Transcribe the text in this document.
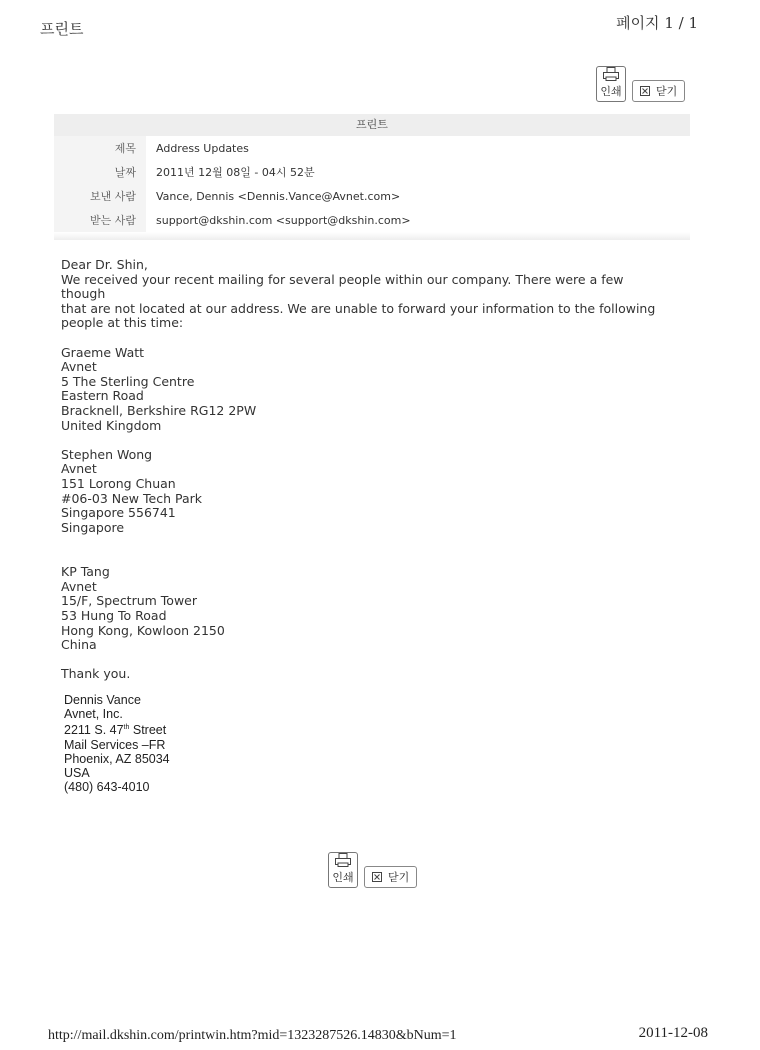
프린트	페이지 1 / 1
인쇄	닫기
프린트
제목	Address Updates
날짜	2011년 12월 08일 - 04시 52분
보낸 사람	Vance, Dennis <Dennis.Vance@Avnet.com>
받는 사람	support@dkshin.com <support@dkshin.com>

Dear Dr. Shin,

We received your recent mailing for several people within our company. There were a few though

that are not located at our address. We are unable to forward your information to the following

people at this time:

Graeme Watt

Avnet

5 The Sterling Centre

Eastern Road

Bracknell, Berkshire RG12 2PW

United Kingdom

Stephen Wong

Avnet

151 Lorong Chuan

#06-03 New Tech Park

Singapore 556741

Singapore

KP Tang

Avnet

15/F, Spectrum Tower

53 Hung To Road

Hong Kong, Kowloon 2150

China

Thank you.

Dennis Vance

Avnet, Inc.

2211 S. 47th Street

Mail Services –FR

Phoenix, AZ 85034

USA

(480) 643-4010

인쇄	닫기
http://mail.dkshin.com/printwin.htm?mid=1323287526.14830&bNum=1	2011-12-08
